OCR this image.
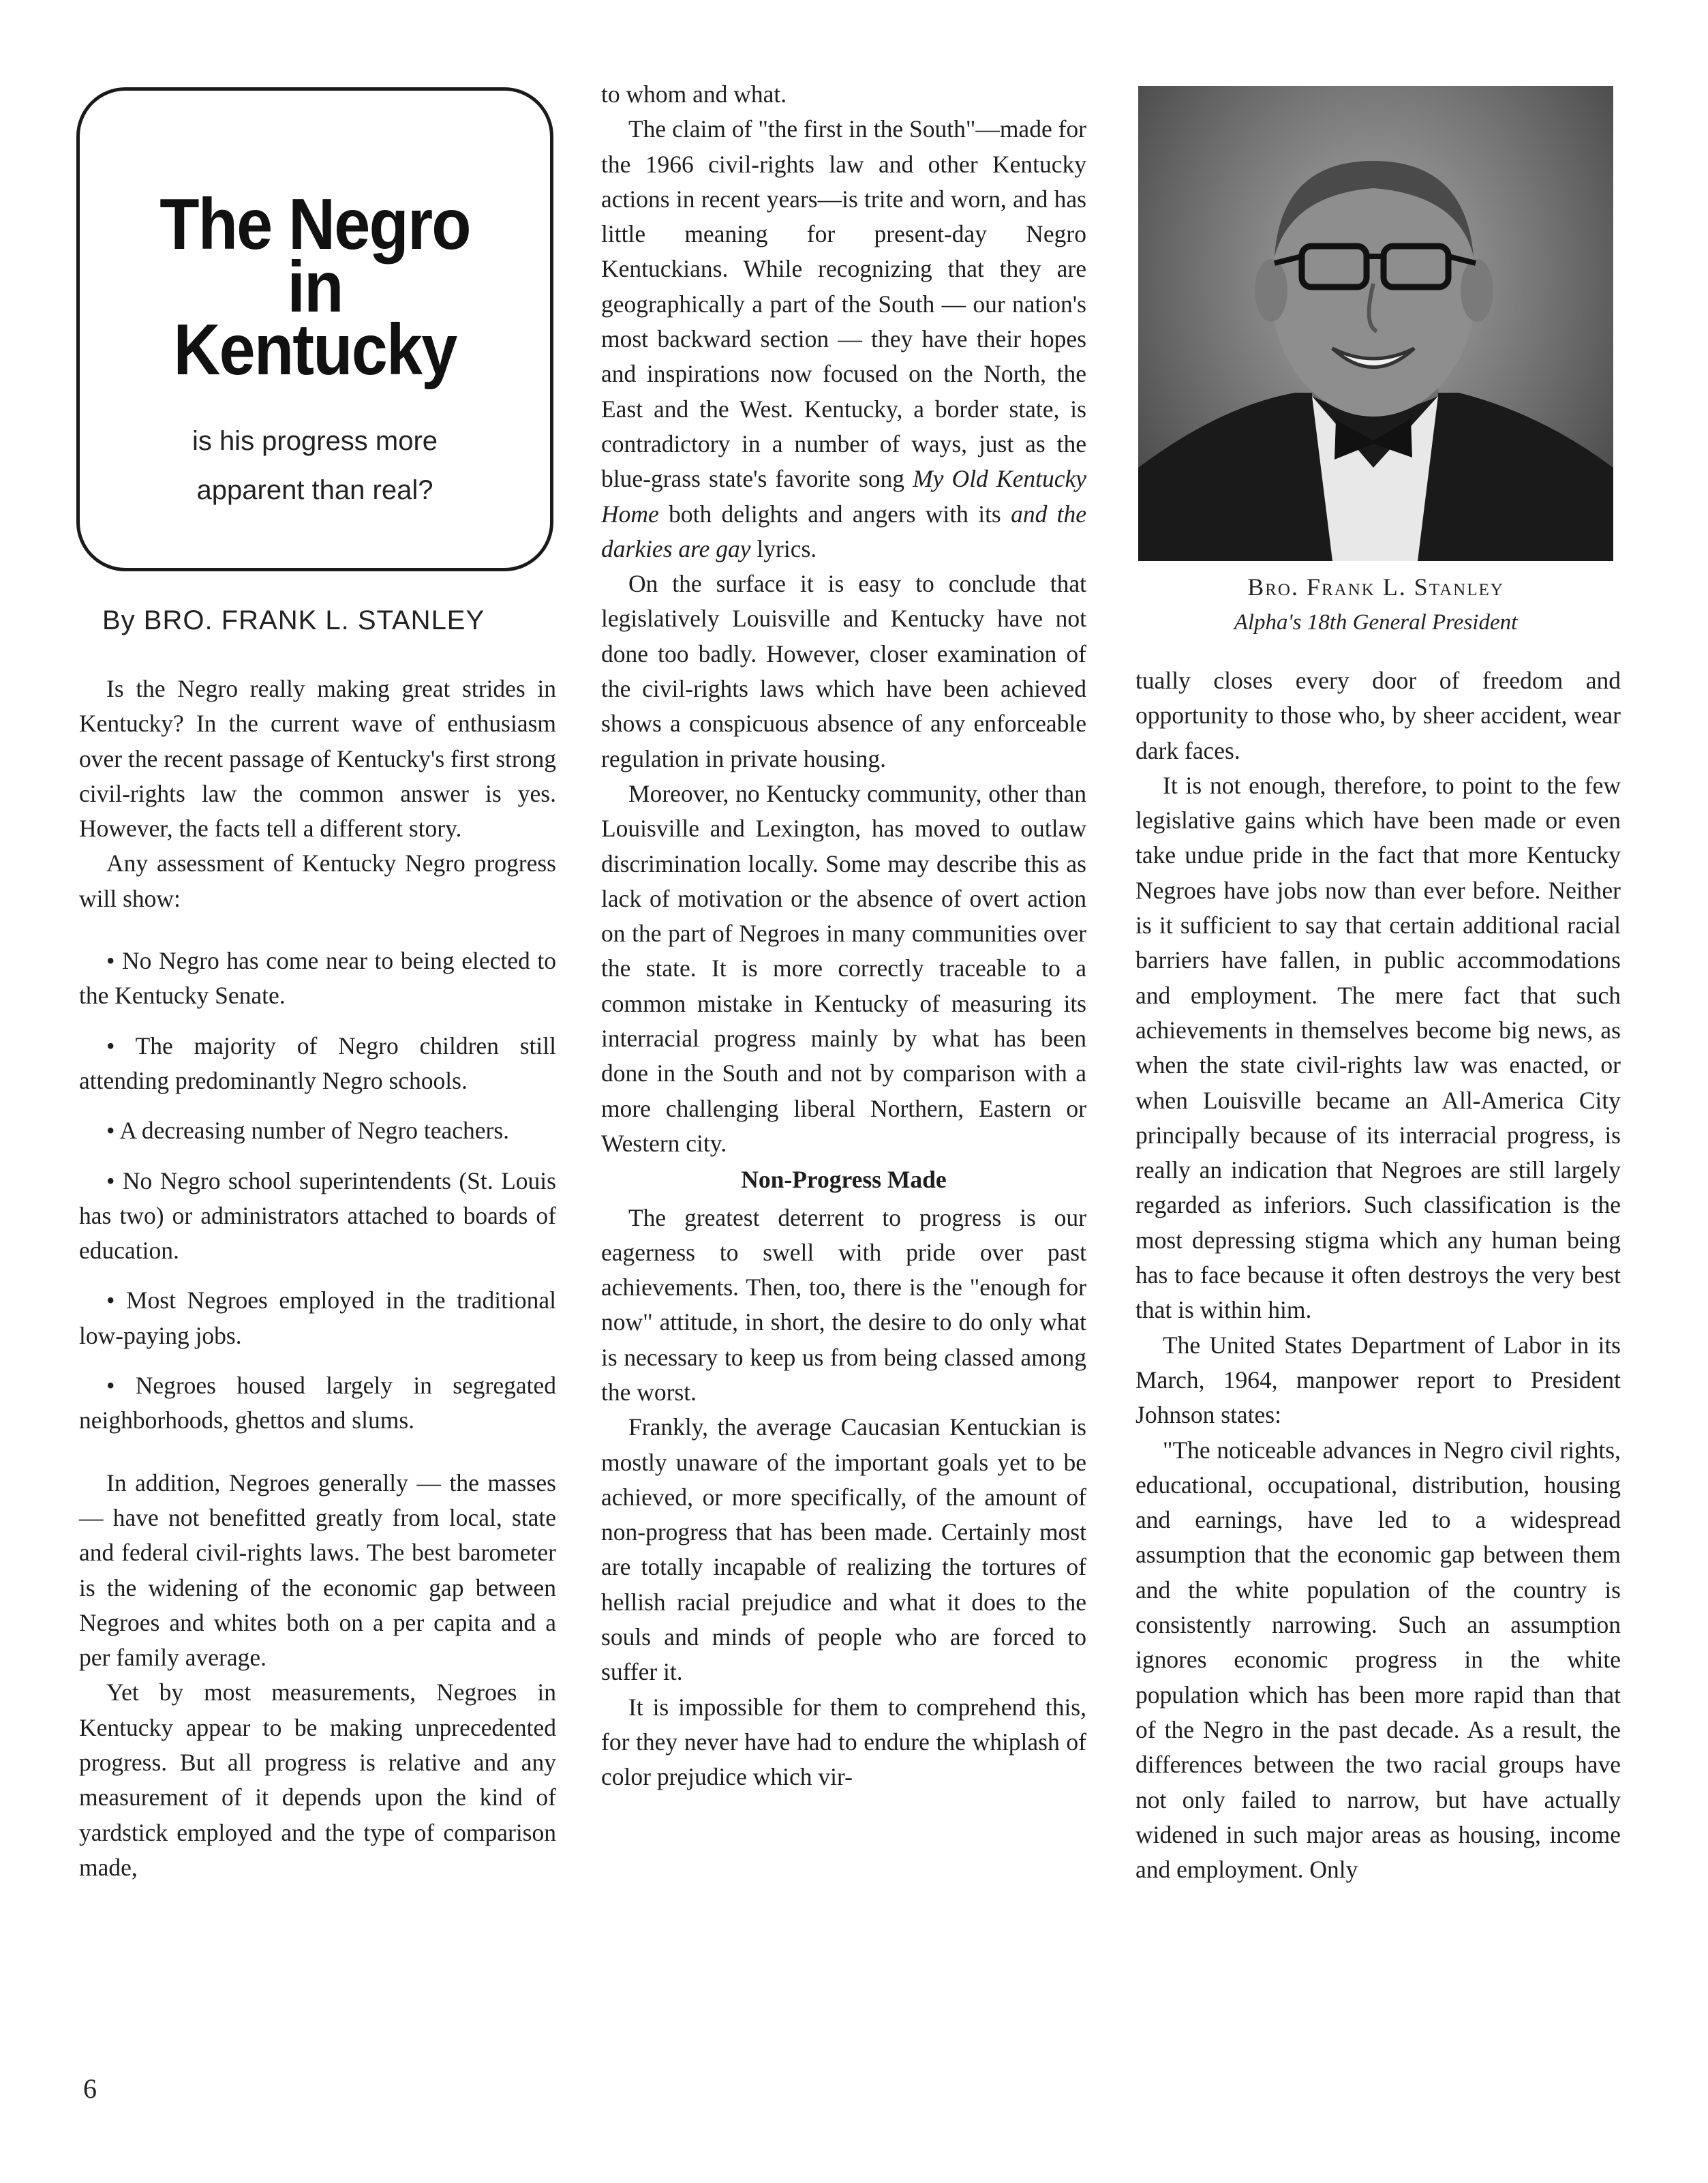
The Negro
in
Kentucky
is his progress more
apparent than real?
By BRO. FRANK L. STANLEY

Is the Negro really making great strides in Kentucky? In the current wave of enthusiasm over the recent passage of Kentucky's first strong civil-rights law the common answer is yes. However, the facts tell a different story.

Any assessment of Kentucky Negro progress will show:

• No Negro has come near to being elected to the Kentucky Senate.

• The majority of Negro children still attending predominantly Negro schools.

• A decreasing number of Negro teachers.

• No Negro school superintendents (St. Louis has two) or administrators attached to boards of education.

• Most Negroes employed in the traditional low-paying jobs.

• Negroes housed largely in segregated neighborhoods, ghettos and slums.

In addition, Negroes generally — the masses — have not benefitted greatly from local, state and federal civil-rights laws. The best barometer is the widening of the economic gap between Negroes and whites both on a per capita and a per family average.

Yet by most measurements, Negroes in Kentucky appear to be making unprecedented progress. But all progress is relative and any measurement of it depends upon the kind of yardstick employed and the type of comparison made,

to whom and what.

The claim of "the first in the South"—made for the 1966 civil-rights law and other Kentucky actions in recent years—is trite and worn, and has little meaning for present-day Negro Kentuckians. While recognizing that they are geographically a part of the South — our nation's most backward section — they have their hopes and inspirations now focused on the North, the East and the West. Kentucky, a border state, is contradictory in a number of ways, just as the blue-grass state's favorite song My Old Kentucky Home both delights and angers with its and the darkies are gay lyrics.

On the surface it is easy to conclude that legislatively Louisville and Kentucky have not done too badly. However, closer examination of the civil-rights laws which have been achieved shows a conspicuous absence of any enforceable regulation in private housing.

Moreover, no Kentucky community, other than Louisville and Lexington, has moved to outlaw discrimination locally. Some may describe this as lack of motivation or the absence of overt action on the part of Negroes in many communities over the state. It is more correctly traceable to a common mistake in Kentucky of measuring its interracial progress mainly by what has been done in the South and not by comparison with a more challenging liberal Northern, Eastern or Western city.

Non-Progress Made

The greatest deterrent to progress is our eagerness to swell with pride over past achievements. Then, too, there is the "enough for now" attitude, in short, the desire to do only what is necessary to keep us from being classed among the worst.

Frankly, the average Caucasian Kentuckian is mostly unaware of the important goals yet to be achieved, or more specifically, of the amount of non-progress that has been made. Certainly most are totally incapable of realizing the tortures of hellish racial prejudice and what it does to the souls and minds of people who are forced to suffer it.

It is impossible for them to comprehend this, for they never have had to endure the whiplash of color prejudice which vir-

Bro. Frank L. Stanley
Alpha's 18th General President

tually closes every door of freedom and opportunity to those who, by sheer accident, wear dark faces.

It is not enough, therefore, to point to the few legislative gains which have been made or even take undue pride in the fact that more Kentucky Negroes have jobs now than ever before. Neither is it sufficient to say that certain additional racial barriers have fallen, in public accommodations and employment. The mere fact that such achievements in themselves become big news, as when the state civil-rights law was enacted, or when Louisville became an All-America City principally because of its interracial progress, is really an indication that Negroes are still largely regarded as inferiors. Such classification is the most depressing stigma which any human being has to face because it often destroys the very best that is within him.

The United States Department of Labor in its March, 1964, manpower report to President Johnson states:

"The noticeable advances in Negro civil rights, educational, occupational, distribution, housing and earnings, have led to a widespread assumption that the economic gap between them and the white population of the country is consistently narrowing. Such an assumption ignores economic progress in the white population which has been more rapid than that of the Negro in the past decade. As a result, the differences between the two racial groups have not only failed to narrow, but have actually widened in such major areas as housing, income and employment. Only

6
